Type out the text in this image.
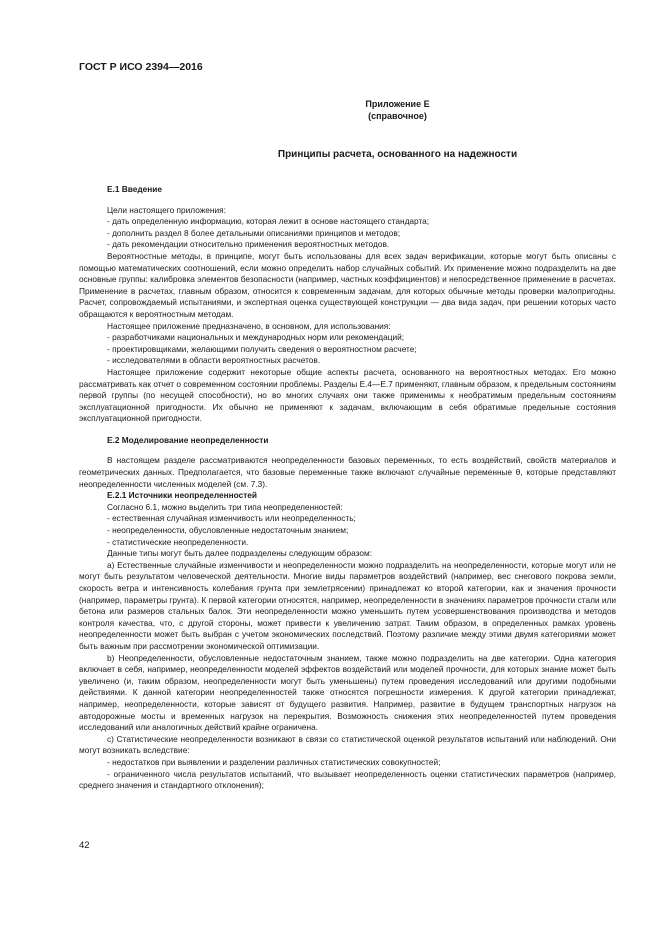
ГОСТ Р ИСО 2394—2016

Приложение Е
(справочное)
Принципы расчета, основанного на надежности

Е.1 Введение

Цели настоящего приложения:

- дать определенную информацию, которая лежит в основе настоящего стандарта;

- дополнить раздел 8 более детальными описаниями принципов и методов;

- дать рекомендации относительно применения вероятностных методов.

Вероятностные методы, в принципе, могут быть использованы для всех задач верификации, которые могут быть описаны с помощью математических соотношений, если можно определить набор случайных событий. Их применение можно подразделить на две основные группы: калибровка элементов безопасности (например, частных коэффициентов) и непосредственное применение в расчетах. Применение в расчетах, главным образом, относится к современным задачам, для которых обычные методы проверки малопригодны. Расчет, сопровождаемый испытаниями, и экспертная оценка существующей конструкции — два вида задач, при решении которых часто обращаются к вероятностным методам.

Настоящее приложение предназначено, в основном, для использования:

- разработчиками национальных и международных норм или рекомендаций;

- проектировщиками, желающими получить сведения о вероятностном расчете;

- исследователями в области вероятностных расчетов.

Настоящее приложение содержит некоторые общие аспекты расчета, основанного на вероятностных методах. Его можно рассматривать как отчет о современном состоянии проблемы. Разделы Е.4—Е.7 применяют, главным образом, к предельным состояниям первой группы (по несущей способности), но во многих случаях они также применимы к необратимым предельным состояниям эксплуатационной пригодности. Их обычно не применяют к задачам, включающим в себя обратимые предельные состояния эксплуатационной пригодности.

Е.2 Моделирование неопределенности

В настоящем разделе рассматриваются неопределенности базовых переменных, то есть воздействий, свойств материалов и геометрических данных. Предполагается, что базовые переменные также включают случайные переменные θ, которые представляют неопределенности численных моделей (см. 7.3).

Е.2.1 Источники неопределенностей

Согласно 6.1, можно выделить три типа неопределенностей:

- естественная случайная изменчивость или неопределенность;

- неопределенности, обусловленные недостаточным знанием;

- статистические неопределенности.

Данные типы могут быть далее подразделены следующим образом:

a) Естественные случайные изменчивости и неопределенности можно подразделить на неопределенности, которые могут или не могут быть результатом человеческой деятельности. Многие виды параметров воздействий (например, вес снегового покрова земли, скорость ветра и интенсивность колебания грунта при землетрясении) принадлежат ко второй категории, как и значения прочности (например, параметры грунта). К первой категории относятся, например, неопределенности в значениях параметров прочности стали или бетона или размеров стальных балок. Эти неопределенности можно уменьшить путем усовершенствования производства и методов контроля качества, что, с другой стороны, может привести к увеличению затрат. Таким образом, в определенных рамках уровень неопределенности может быть выбран с учетом экономических последствий. Поэтому различие между этими двумя категориями может быть важным при рассмотрении экономической оптимизации.

b) Неопределенности, обусловленные недостаточным знанием, также можно подразделить на две категории. Одна категория включает в себя, например, неопределенности моделей эффектов воздействий или моделей прочности, для которых знание может быть увеличено (и, таким образом, неопределенности могут быть уменьшены) путем проведения исследований или другими подобными действиями. К данной категории неопределенностей также относятся погрешности измерения. К другой категории принадлежат, например, неопределенности, которые зависят от будущего развития. Например, развитие в будущем транспортных нагрузок на автодорожные мосты и временных нагрузок на перекрытия. Возможность снижения этих неопределенностей путем проведения исследований или аналогичных действий крайне ограничена.

c) Статистические неопределенности возникают в связи со статистической оценкой результатов испытаний или наблюдений. Они могут возникать вследствие:

- недостатков при выявлении и разделении различных статистических совокупностей;

- ограниченного числа результатов испытаний, что вызывает неопределенность оценки статистических параметров (например, среднего значения и стандартного отклонения);

42
